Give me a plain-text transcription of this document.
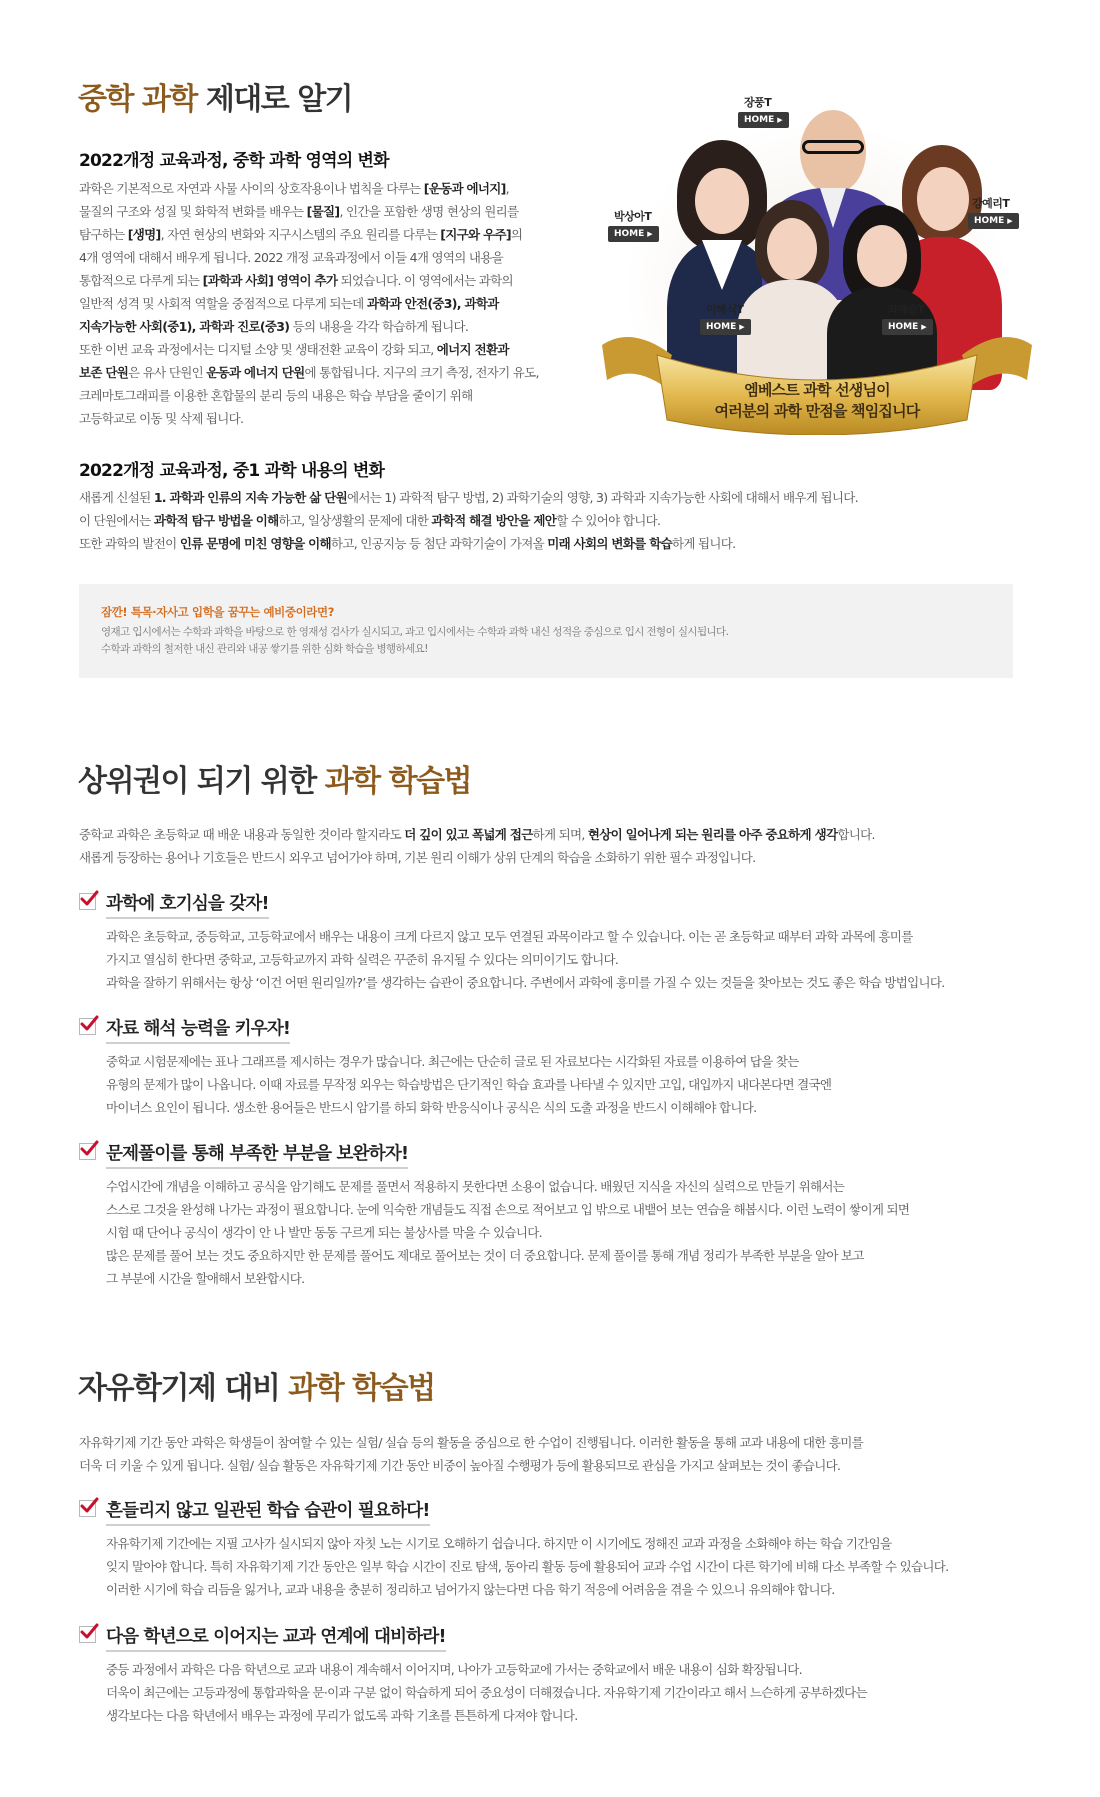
중학 과학 제대로 알기
2022개정 교육과정, 중학 과학 영역의 변화
과학은 기본적으로 자연과 사물 사이의 상호작용이나 법칙을 다루는 [운동과 에너지],
물질의 구조와 성질 및 화학적 변화를 배우는 [물질], 인간을 포함한 생명 현상의 원리를
탐구하는 [생명], 자연 현상의 변화와 지구시스템의 주요 원리를 다루는 [지구와 우주]의
4개 영역에 대해서 배우게 됩니다. 2022 개정 교육과정에서 이들 4개 영역의 내용을
통합적으로 다루게 되는 [과학과 사회] 영역이 추가 되었습니다. 이 영역에서는 과학의
일반적 성격 및 사회적 역할을 중점적으로 다루게 되는데 과학과 안전(중3), 과학과
지속가능한 사회(중1), 과학과 진로(중3) 등의 내용을 각각 학습하게 됩니다.
또한 이번 교육 과정에서는 디지털 소양 및 생태전환 교육이 강화 되고, 에너지 전환과
보존 단원은 유사 단원인 운동과 에너지 단원에 통합됩니다. 지구의 크기 측정, 전자기 유도,
크레마토그래피를 이용한 혼합물의 분리 등의 내용은 학습 부담을 줄이기 위해
고등학교로 이동 및 삭제 됩니다.
2022개정 교육과정, 중1 과학 내용의 변화
새롭게 신설된 1. 과학과 인류의 지속 가능한 삶 단원에서는 1) 과학적 탐구 방법, 2) 과학기술의 영향, 3) 과학과 지속가능한 사회에 대해서 배우게 됩니다.
이 단원에서는 과학적 탐구 방법을 이해하고, 일상생활의 문제에 대한 과학적 해결 방안을 제안할 수 있어야 합니다.
또한 과학의 발전이 인류 문명에 미친 영향을 이해하고, 인공지능 등 첨단 과학기술이 가져올 미래 사회의 변화를 학습하게 됩니다.
엠베스트 과학 선생님이
여러분의 과학 만점을 책임집니다
장풍T
HOME ▶
박상아T
HOME ▶
강예리T
HOME ▶
이혜식T
HOME ▶
최예슬T
HOME ▶
잠깐! 특목·자사고 입학을 꿈꾸는 예비중이라면?
영재고 입시에서는 수학과 과학을 바탕으로 한 영재성 검사가 실시되고, 과고 입시에서는 수학과 과학 내신 성적을 중심으로 입시 전형이 실시됩니다.
수학과 과학의 철저한 내신 관리와 내공 쌓기를 위한 심화 학습을 병행하세요!
상위권이 되기 위한 과학 학습법
중학교 과학은 초등학교 때 배운 내용과 동일한 것이라 할지라도 더 깊이 있고 폭넓게 접근하게 되며, 현상이 일어나게 되는 원리를 아주 중요하게 생각합니다.
새롭게 등장하는 용어나 기호들은 반드시 외우고 넘어가야 하며, 기본 원리 이해가 상위 단계의 학습을 소화하기 위한 필수 과정입니다.
과학에 호기심을 갖자!
과학은 초등학교, 중등학교, 고등학교에서 배우는 내용이 크게 다르지 않고 모두 연결된 과목이라고 할 수 있습니다. 이는 곧 초등학교 때부터 과학 과목에 흥미를
가지고 열심히 한다면 중학교, 고등학교까지 과학 실력은 꾸준히 유지될 수 있다는 의미이기도 합니다.
과학을 잘하기 위해서는 항상 ‘이건 어떤 원리일까?’를 생각하는 습관이 중요합니다. 주변에서 과학에 흥미를 가질 수 있는 것들을 찾아보는 것도 좋은 학습 방법입니다.
자료 해석 능력을 키우자!
중학교 시험문제에는 표나 그래프를 제시하는 경우가 많습니다. 최근에는 단순히 글로 된 자료보다는 시각화된 자료를 이용하여 답을 찾는
유형의 문제가 많이 나옵니다. 이때 자료를 무작정 외우는 학습방법은 단기적인 학습 효과를 나타낼 수 있지만 고입, 대입까지 내다본다면 결국엔
마이너스 요인이 됩니다. 생소한 용어들은 반드시 암기를 하되 화학 반응식이나 공식은 식의 도출 과정을 반드시 이해해야 합니다.
문제풀이를 통해 부족한 부분을 보완하자!
수업시간에 개념을 이해하고 공식을 암기해도 문제를 풀면서 적용하지 못한다면 소용이 없습니다. 배웠던 지식을 자신의 실력으로 만들기 위해서는
스스로 그것을 완성해 나가는 과정이 필요합니다. 눈에 익숙한 개념들도 직접 손으로 적어보고 입 밖으로 내뱉어 보는 연습을 해봅시다. 이런 노력이 쌓이게 되면
시험 때 단어나 공식이 생각이 안 나 발만 동동 구르게 되는 불상사를 막을 수 있습니다.
많은 문제를 풀어 보는 것도 중요하지만 한 문제를 풀어도 제대로 풀어보는 것이 더 중요합니다. 문제 풀이를 통해 개념 정리가 부족한 부분을 알아 보고
그 부분에 시간을 할애해서 보완합시다.
자유학기제 대비 과학 학습법
자유학기제 기간 동안 과학은 학생들이 참여할 수 있는 실험/ 실습 등의 활동을 중심으로 한 수업이 진행됩니다. 이러한 활동을 통해 교과 내용에 대한 흥미를
더욱 더 키울 수 있게 됩니다. 실험/ 실습 활동은 자유학기제 기간 동안 비중이 높아질 수행평가 등에 활용되므로 관심을 가지고 살펴보는 것이 좋습니다.
흔들리지 않고 일관된 학습 습관이 필요하다!
자유학기제 기간에는 지필 고사가 실시되지 않아 자칫 노는 시기로 오해하기 쉽습니다. 하지만 이 시기에도 정해진 교과 과정을 소화해야 하는 학습 기간임을
잊지 말아야 합니다. 특히 자유학기제 기간 동안은 일부 학습 시간이 진로 탐색, 동아리 활동 등에 활용되어 교과 수업 시간이 다른 학기에 비해 다소 부족할 수 있습니다.
이러한 시기에 학습 리듬을 잃거나, 교과 내용을 충분히 정리하고 넘어가지 않는다면 다음 학기 적응에 어려움을 겪을 수 있으니 유의해야 합니다.
다음 학년으로 이어지는 교과 연계에 대비하라!
중등 과정에서 과학은 다음 학년으로 교과 내용이 계속해서 이어지며, 나아가 고등학교에 가서는 중학교에서 배운 내용이 심화 확장됩니다.
더욱이 최근에는 고등과정에 통합과학을 문·이과 구분 없이 학습하게 되어 중요성이 더해졌습니다. 자유학기제 기간이라고 해서 느슨하게 공부하겠다는
생각보다는 다음 학년에서 배우는 과정에 무리가 없도록 과학 기초를 튼튼하게 다져야 합니다.
